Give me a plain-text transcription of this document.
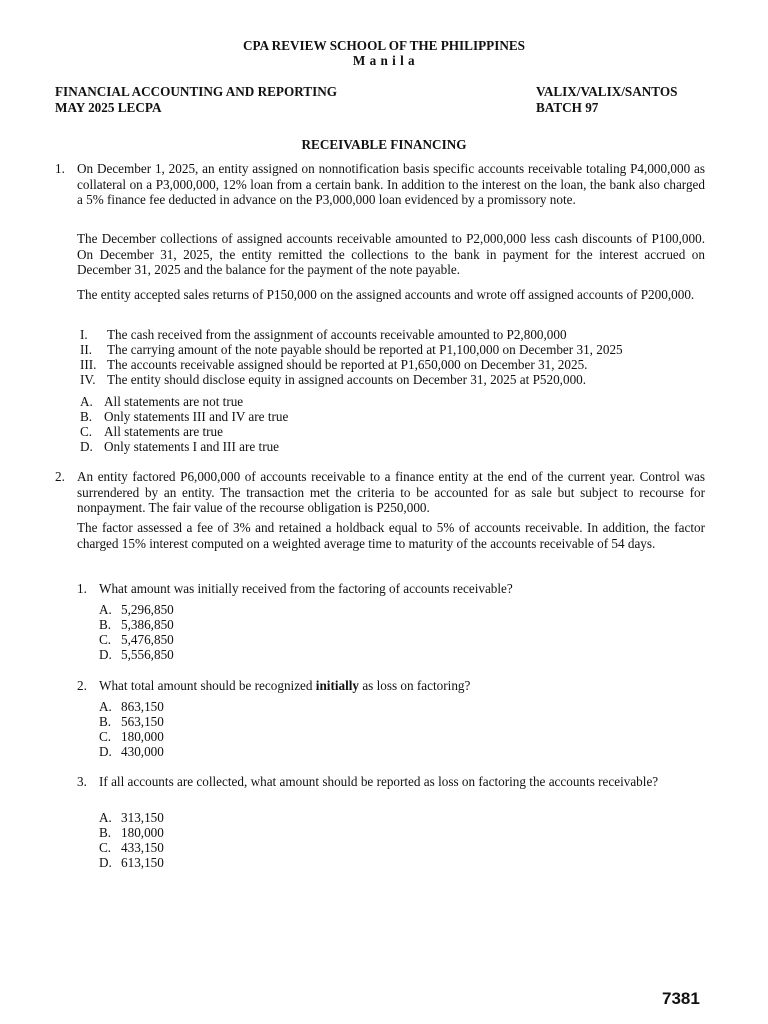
CPA REVIEW SCHOOL OF THE PHILIPPINES
M a n i l a
FINANCIAL ACCOUNTING AND REPORTING	VALIX/VALIX/SANTOS
MAY 2025 LECPA	BATCH 97
RECEIVABLE FINANCING
1. On December 1, 2025, an entity assigned on nonnotification basis specific accounts receivable totaling P4,000,000 as collateral on a P3,000,000, 12% loan from a certain bank. In addition to the interest on the loan, the bank also charged a 5% finance fee deducted in advance on the P3,000,000 loan evidenced by a promissory note.
The December collections of assigned accounts receivable amounted to P2,000,000 less cash discounts of P100,000. On December 31, 2025, the entity remitted the collections to the bank in payment for the interest accrued on December 31, 2025 and the balance for the payment of the note payable.
The entity accepted sales returns of P150,000 on the assigned accounts and wrote off assigned accounts of P200,000.
I.	The cash received from the assignment of accounts receivable amounted to P2,800,000
II.	The carrying amount of the note payable should be reported at P1,100,000 on December 31, 2025
III. The accounts receivable assigned should be reported at P1,650,000 on December 31, 2025.
IV. The entity should disclose equity in assigned accounts on December 31, 2025 at P520,000.
A. All statements are not true
B. Only statements III and IV are true
C. All statements are true
D. Only statements I and III are true
2. An entity factored P6,000,000 of accounts receivable to a finance entity at the end of the current year. Control was surrendered by an entity. The transaction met the criteria to be accounted for as sale but subject to recourse for nonpayment. The fair value of the recourse obligation is P250,000.
The factor assessed a fee of 3% and retained a holdback equal to 5% of accounts receivable. In addition, the factor charged 15% interest computed on a weighted average time to maturity of the accounts receivable of 54 days.
1. What amount was initially received from the factoring of accounts receivable?
A. 5,296,850
B. 5,386,850
C. 5,476,850
D. 5,556,850
2. What total amount should be recognized initially as loss on factoring?
A. 863,150
B. 563,150
C. 180,000
D. 430,000
3. If all accounts are collected, what amount should be reported as loss on factoring the accounts receivable?
A. 313,150
B. 180,000
C. 433,150
D. 613,150
7381
